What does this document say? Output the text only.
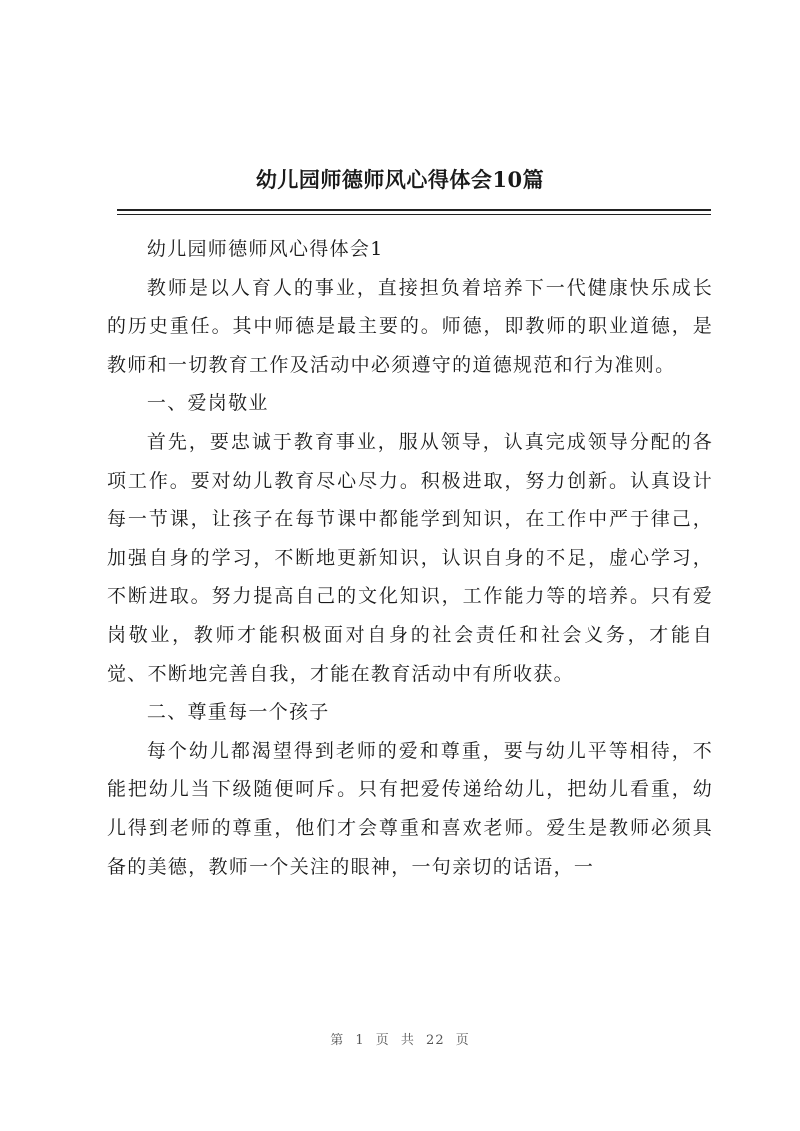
幼儿园师德师风心得体会10篇

幼儿园师德师风心得体会1

教师是以人育人的事业，直接担负着培养下一代健康快乐成长的历史重任。其中师德是最主要的。师德，即教师的职业道德，是教师和一切教育工作及活动中必须遵守的道德规范和行为准则。

一、爱岗敬业

首先，要忠诚于教育事业，服从领导，认真完成领导分配的各项工作。要对幼儿教育尽心尽力。积极进取，努力创新。认真设计每一节课，让孩子在每节课中都能学到知识，在工作中严于律己，加强自身的学习，不断地更新知识，认识自身的不足，虚心学习，不断进取。努力提高自己的文化知识，工作能力等的培养。只有爱岗敬业，教师才能积极面对自身的社会责任和社会义务，才能自觉、不断地完善自我，才能在教育活动中有所收获。

二、尊重每一个孩子

每个幼儿都渴望得到老师的爱和尊重，要与幼儿平等相待，不能把幼儿当下级随便呵斥。只有把爱传递给幼儿，把幼儿看重，幼儿得到老师的尊重，他们才会尊重和喜欢老师。爱生是教师必须具备的美德，教师一个关注的眼神，一句亲切的话语，一

第 1 页 共 22 页
